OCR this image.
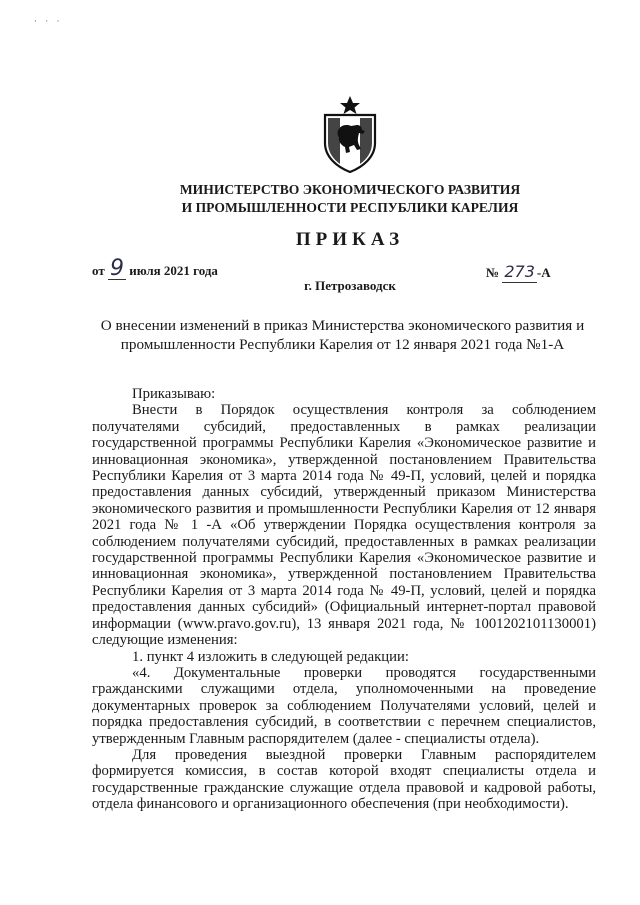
· · ·
МИНИСТЕРСТВО ЭКОНОМИЧЕСКОГО РАЗВИТИЯ
И ПРОМЫШЛЕННОСТИ РЕСПУБЛИКИ КАРЕЛИЯ
ПРИКАЗ
от 9 июля 2021 года	№ 273 -А
г. Петрозаводск
О внесении изменений в приказ Министерства экономического развития и промышленности Республики Карелия от 12 января 2021 года №1-А

Приказываю:

Внести в Порядок осуществления контроля за соблюдением получателями субсидий, предоставленных в рамках реализации государственной программы Республики Карелия «Экономическое развитие и инновационная экономика», утвержденной постановлением Правительства Республики Карелия от 3 марта 2014 года № 49-П, условий, целей и порядка предоставления данных субсидий, утвержденный приказом Министерства экономического развития и промышленности Республики Карелия от 12 января 2021 года № 1 -А «Об утверждении Порядка осуществления контроля за соблюдением получателями субсидий, предоставленных в рамках реализации государственной программы Республики Карелия «Экономическое развитие и инновационная экономика», утвержденной постановлением Правительства Республики Карелия от 3 марта 2014 года № 49-П, условий, целей и порядка предоставления данных субсидий» (Официальный интернет-портал правовой информации (www.pravo.gov.ru), 13 января 2021 года, № 1001202101130001) следующие изменения:

1. пункт 4 изложить в следующей редакции:

«4. Документальные проверки проводятся государственными гражданскими служащими отдела, уполномоченными на проведение документарных проверок за соблюдением Получателями условий, целей и порядка предоставления субсидий, в соответствии с перечнем специалистов, утвержденным Главным распорядителем (далее - специалисты отдела).

Для проведения выездной проверки Главным распорядителем формируется комиссия, в состав которой входят специалисты отдела и государственные гражданские служащие отдела правовой и кадровой работы, отдела финансового и организационного обеспечения (при необходимости).
